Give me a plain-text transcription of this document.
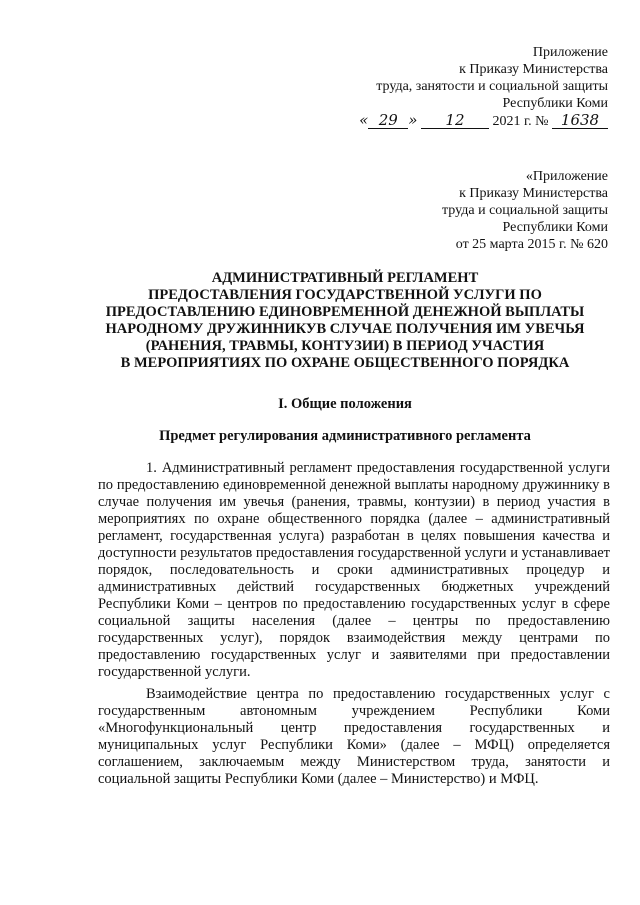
Приложение
к Приказу Министерства
труда, занятости и социальной защиты
Республики Коми
« 29 » 12 2021 г. № 1638
«Приложение
к Приказу Министерства
труда и социальной защиты
Республики Коми
от 25 марта 2015 г. № 620
АДМИНИСТРАТИВНЫЙ РЕГЛАМЕНТ
ПРЕДОСТАВЛЕНИЯ ГОСУДАРСТВЕННОЙ УСЛУГИ ПО
ПРЕДОСТАВЛЕНИЮ ЕДИНОВРЕМЕННОЙ ДЕНЕЖНОЙ ВЫПЛАТЫ
НАРОДНОМУ ДРУЖИННИКУВ СЛУЧАЕ ПОЛУЧЕНИЯ ИМ УВЕЧЬЯ
(РАНЕНИЯ, ТРАВМЫ, КОНТУЗИИ) В ПЕРИОД УЧАСТИЯ
В МЕРОПРИЯТИЯХ ПО ОХРАНЕ ОБЩЕСТВЕННОГО ПОРЯДКА
I. Общие положения
Предмет регулирования административного регламента

1. Административный регламент предоставления государственной услуги по предоставлению единовременной денежной выплаты народному дружиннику в случае получения им увечья (ранения, травмы, контузии) в период участия в мероприятиях по охране общественного порядка (далее – административный регламент, государственная услуга) разработан в целях повышения качества и доступности результатов предоставления государственной услуги и устанавливает порядок, последовательность и сроки административных процедур и административных действий государственных бюджетных учреждений Республики Коми – центров по предоставлению государственных услуг в сфере социальной защиты населения (далее – центры по предоставлению государственных услуг), порядок взаимодействия между центрами по предоставлению государственных услуг и заявителями при предоставлении государственной услуги.

Взаимодействие центра по предоставлению государственных услуг с государственным автономным учреждением Республики Коми «Многофункциональный центр предоставления государственных и муниципальных услуг Республики Коми» (далее – МФЦ) определяется соглашением, заключаемым между Министерством труда, занятости и социальной защиты Республики Коми (далее – Министерство) и МФЦ.
